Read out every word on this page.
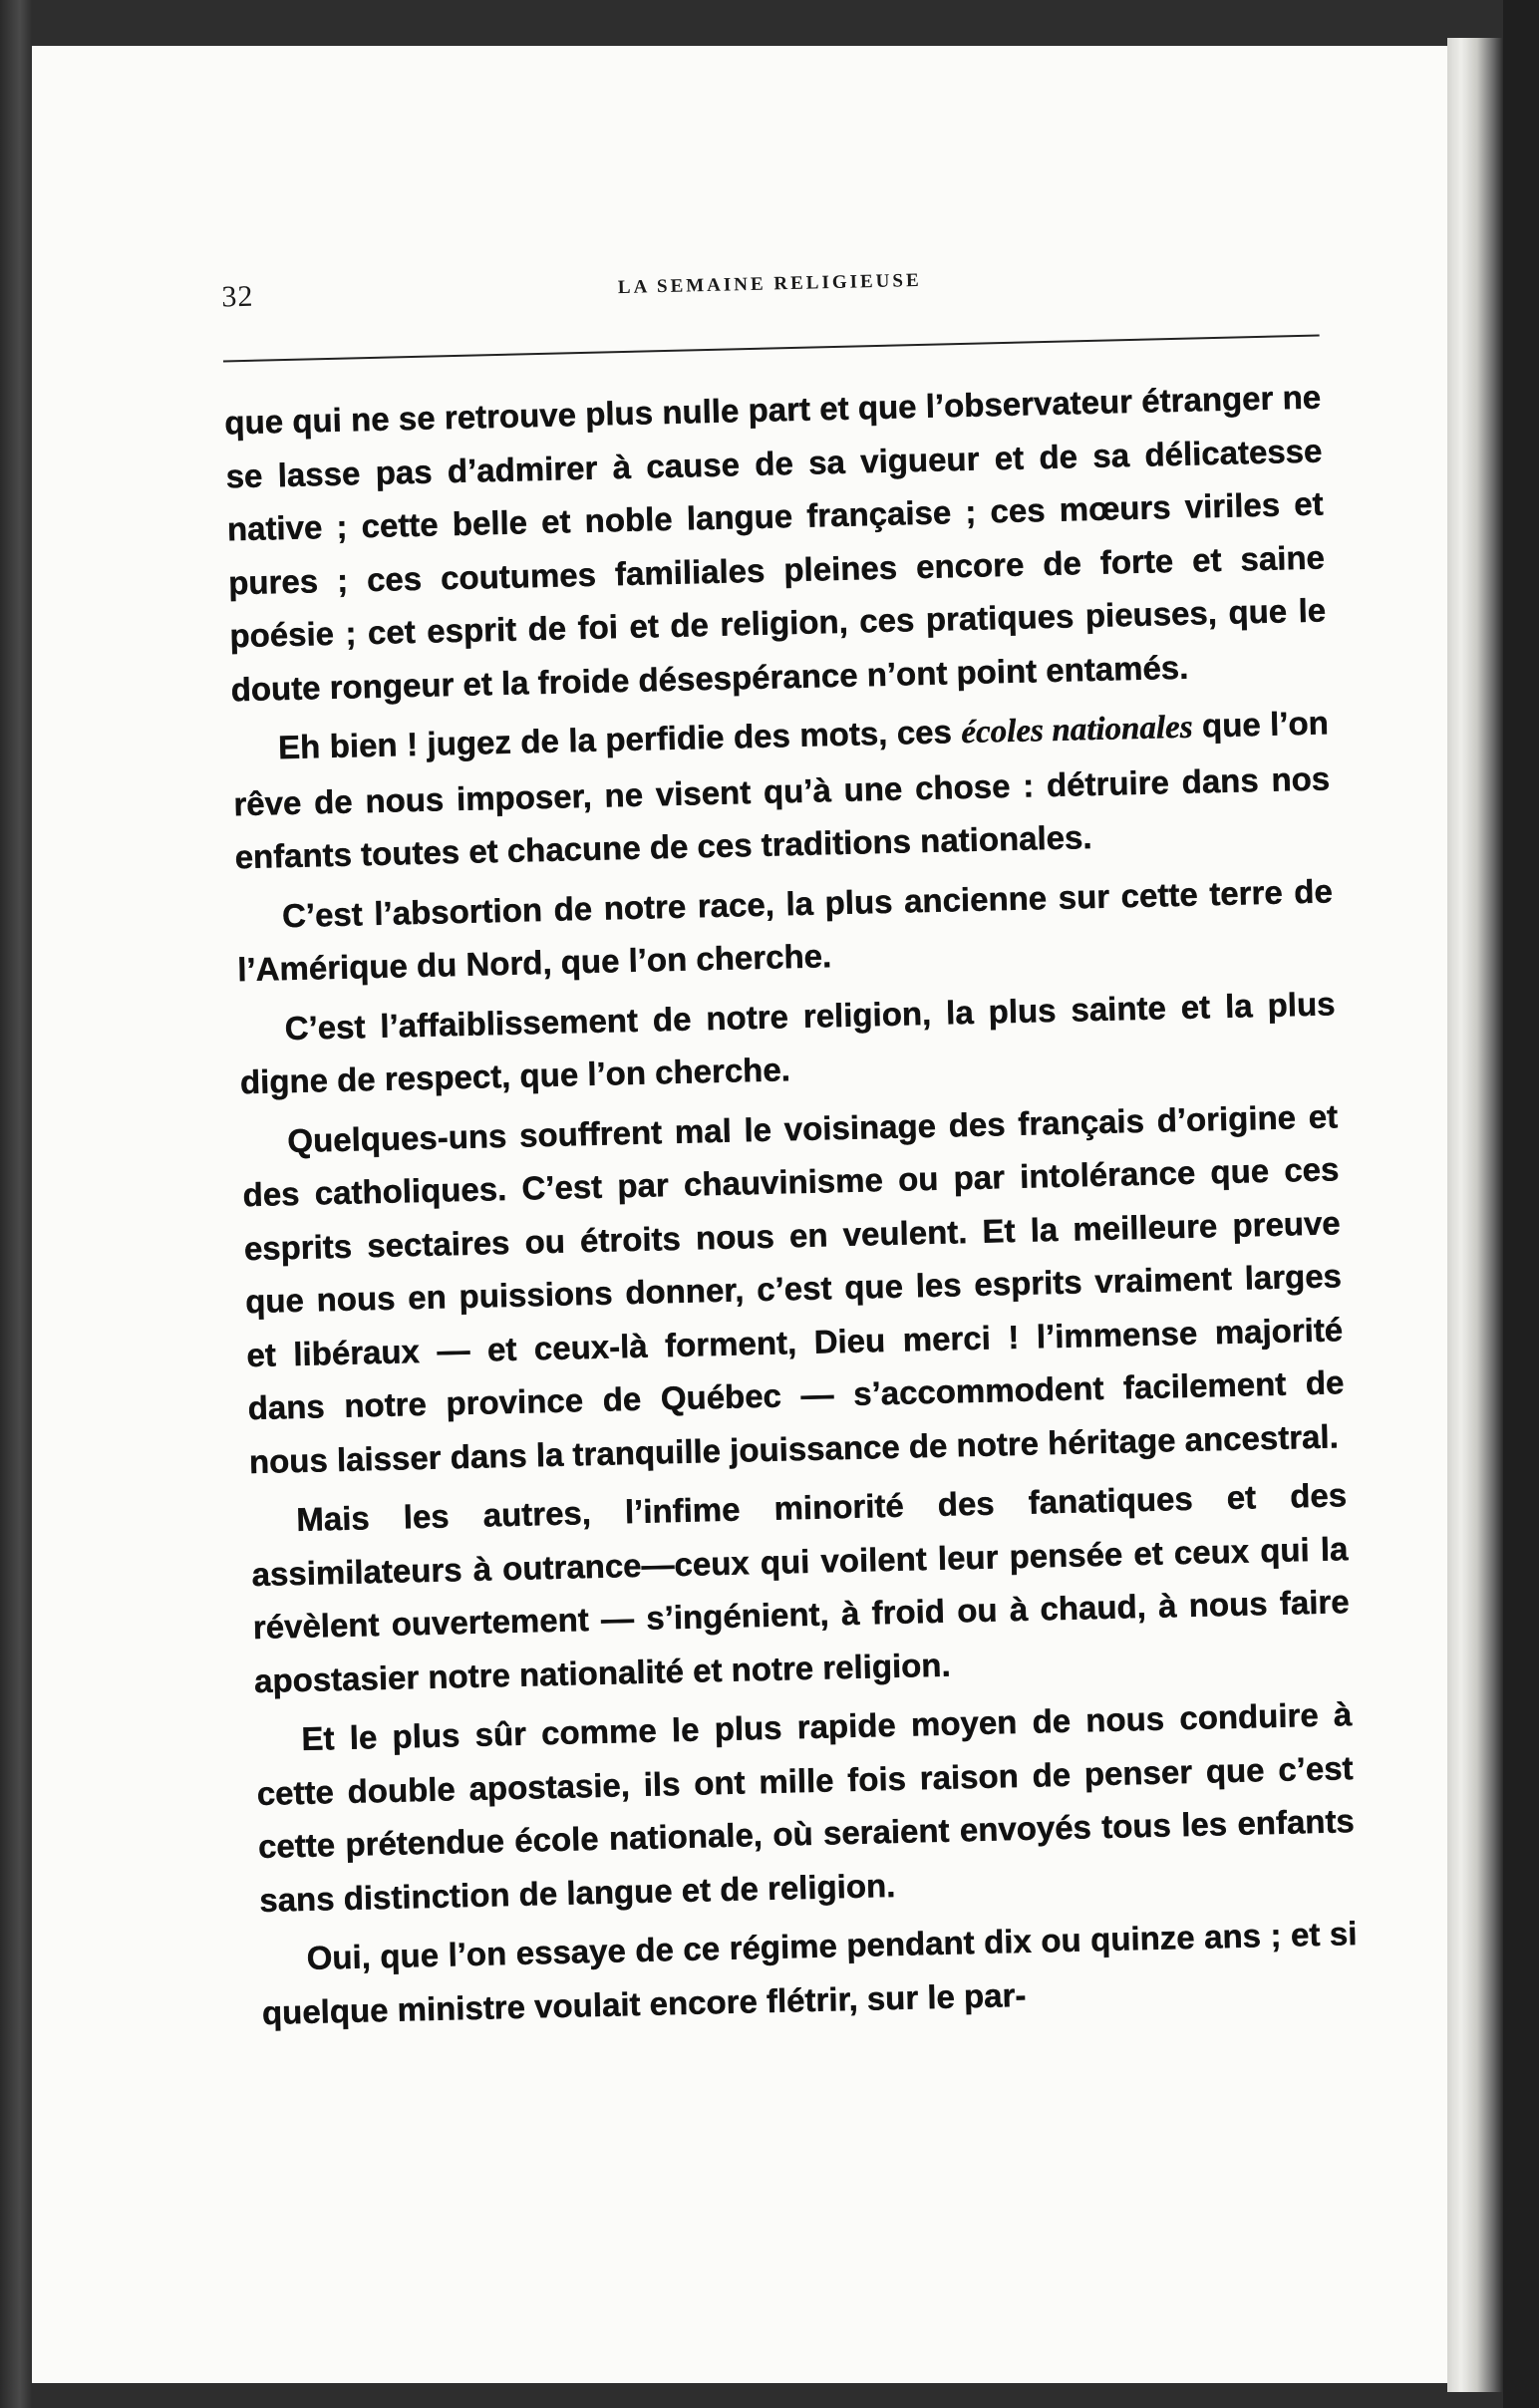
32	LA SEMAINE RELIGIEUSE

que qui ne se retrouve plus nulle part et que l’observateur étranger ne se lasse pas d’admirer à cause de sa vigueur et de sa délicatesse native ; cette belle et noble langue française ; ces mœurs viriles et pures ; ces coutumes familiales pleines encore de forte et saine poésie ; cet esprit de foi et de religion, ces pratiques pieuses, que le doute rongeur et la froide désespérance n’ont point entamés.

Eh bien ! jugez de la perfidie des mots, ces écoles nationales que l’on rêve de nous imposer, ne visent qu’à une chose : détruire dans nos enfants toutes et chacune de ces traditions nationales.

C’est l’absortion de notre race, la plus ancienne sur cette terre de l’Amérique du Nord, que l’on cherche.

C’est l’affaiblissement de notre religion, la plus sainte et la plus digne de respect, que l’on cherche.

Quelques-uns souffrent mal le voisinage des français d’origine et des catholiques. C’est par chauvinisme ou par intolérance que ces esprits sectaires ou étroits nous en veulent. Et la meilleure preuve que nous en puissions donner, c’est que les esprits vraiment larges et libéraux — et ceux-là forment, Dieu merci ! l’immense majorité dans notre province de Québec — s’accommodent facilement de nous laisser dans la tranquille jouissance de notre héritage ancestral.

Mais les autres, l’infime minorité des fanatiques et des assimilateurs à outrance—ceux qui voilent leur pensée et ceux qui la révèlent ouvertement — s’ingénient, à froid ou à chaud, à nous faire apostasier notre nationalité et notre religion.

Et le plus sûr comme le plus rapide moyen de nous conduire à cette double apostasie, ils ont mille fois raison de penser que c’est cette prétendue école nationale, où seraient envoyés tous les enfants sans distinction de langue et de religion.

Oui, que l’on essaye de ce régime pendant dix ou quinze ans ; et si quelque ministre voulait encore flétrir, sur le par-
